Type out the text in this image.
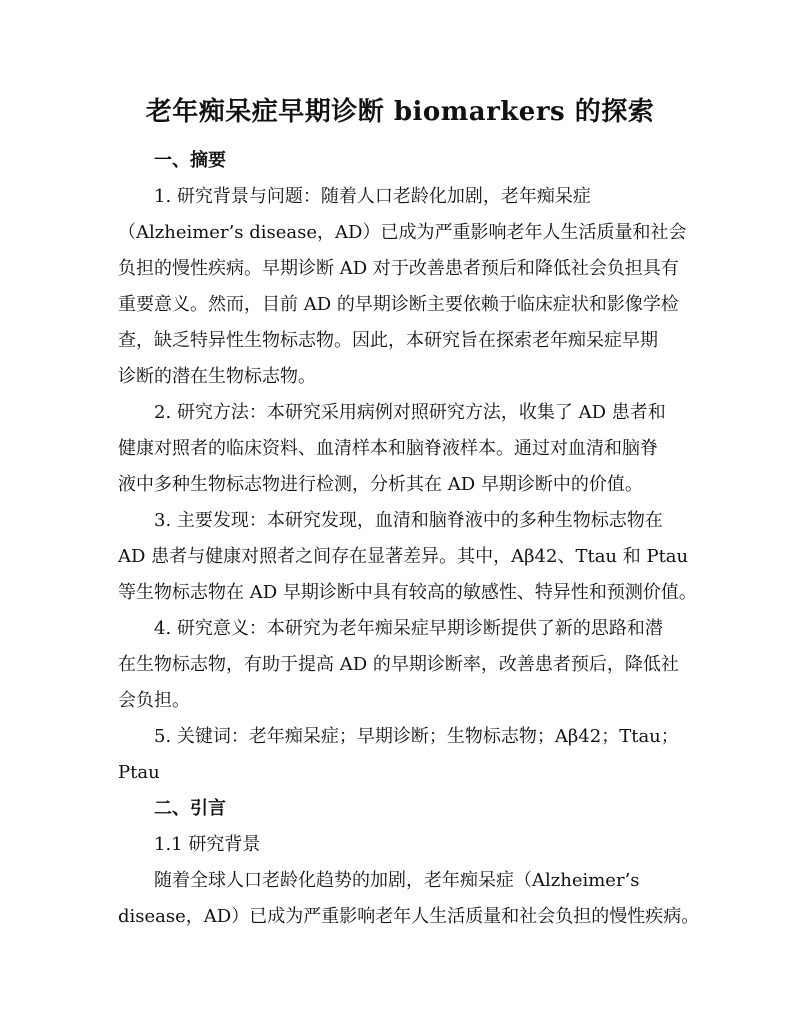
老年痴呆症早期诊断 biomarkers 的探索
一、摘要
1. 研究背景与问题：随着人口老龄化加剧，老年痴呆症
（Alzheimer’s disease，AD）已成为严重影响老年人生活质量和社会
负担的慢性疾病。早期诊断 AD 对于改善患者预后和降低社会负担具有
重要意义。然而，目前 AD 的早期诊断主要依赖于临床症状和影像学检
查，缺乏特异性生物标志物。因此，本研究旨在探索老年痴呆症早期
诊断的潜在生物标志物。
2. 研究方法：本研究采用病例对照研究方法，收集了 AD 患者和
健康对照者的临床资料、血清样本和脑脊液样本。通过对血清和脑脊
液中多种生物标志物进行检测，分析其在 AD 早期诊断中的价值。
3. 主要发现：本研究发现，血清和脑脊液中的多种生物标志物在
AD 患者与健康对照者之间存在显著差异。其中，Aβ42、Ttau 和 Ptau
等生物标志物在 AD 早期诊断中具有较高的敏感性、特异性和预测价值。
4. 研究意义：本研究为老年痴呆症早期诊断提供了新的思路和潜
在生物标志物，有助于提高 AD 的早期诊断率，改善患者预后，降低社
会负担。
5. 关键词：老年痴呆症；早期诊断；生物标志物；Aβ42；Ttau；
Ptau
二、引言
1.1 研究背景
随着全球人口老龄化趋势的加剧，老年痴呆症（Alzheimer’s
disease，AD）已成为严重影响老年人生活质量和社会负担的慢性疾病。
